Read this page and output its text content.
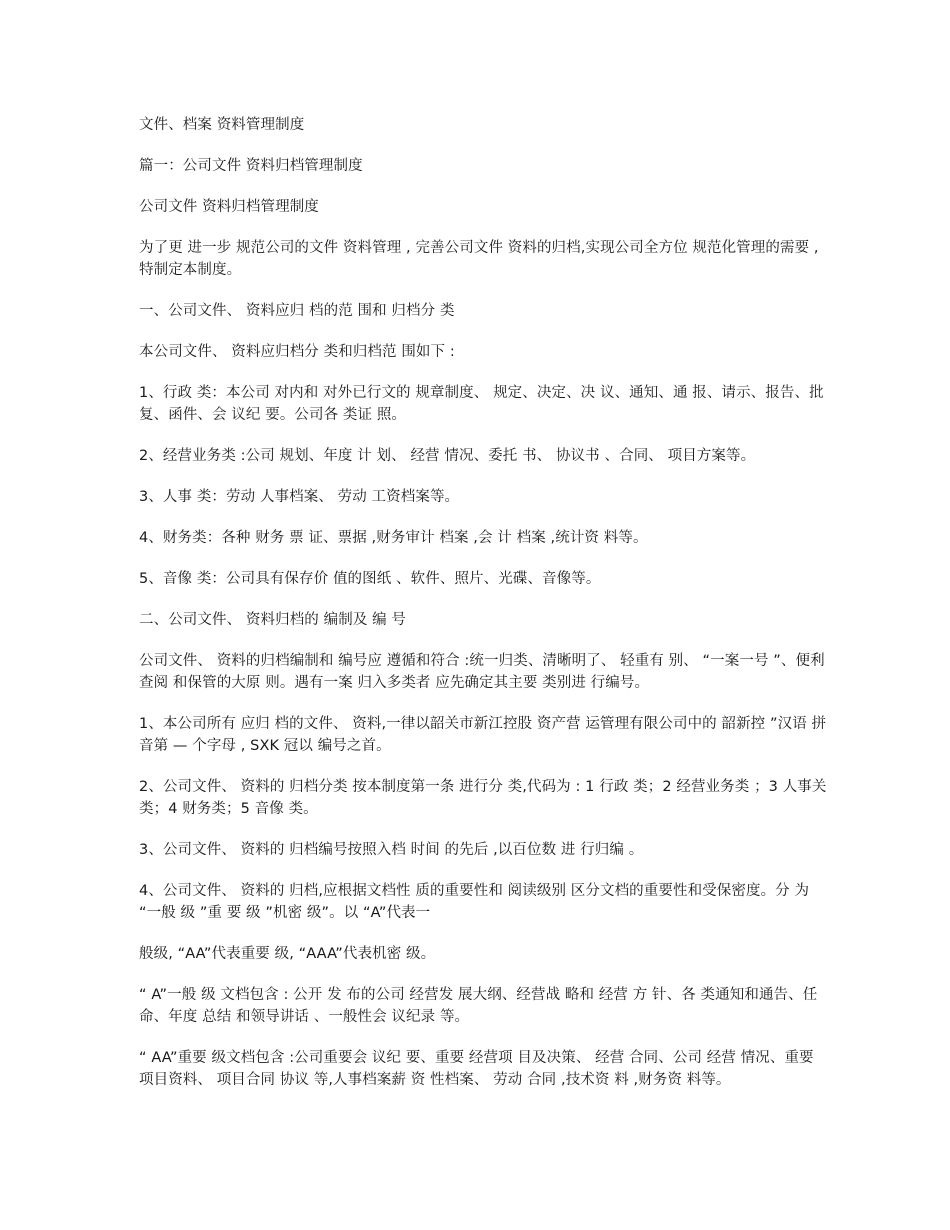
文件、档案 资料管理制度

篇一：公司文件 资料归档管理制度

公司文件 资料归档管理制度

为了更 进一步 规范公司的文件 资料管理 , 完善公司文件 资料的归档,实现公司全方位 规范化管理的需要 ,特制定本制度。

一、公司文件、 资料应归 档的范 围和 归档分 类

本公司文件、 资料应归档分 类和归档范 围如下 :

1、行政 类：本公司 对内和 对外已行文的 规章制度、 规定、决定、决 议、通知、通 报、请示、报告、批复、函件、会 议纪 要。公司各 类证 照。

2、经营业务类 :公司 规划、年度 计 划、 经营 情况、委托 书、 协议书 、合同、 项目方案等。

3、人事 类：劳动 人事档案、 劳动 工资档案等。

4、财务类：各种 财务 票 证、票据 ,财务审计 档案 ,会 计 档案 ,统计资 料等。

5、音像 类：公司具有保存价 值的图纸 、软件、照片、光碟、音像等。

二、公司文件、 资料归档的 编制及 编 号

公司文件、 资料的归档编制和 编号应 遵循和符合 :统一归类、清晰明了、 轻重有 别、 “一案一号 ”、便利 查阅 和保管的大原 则。遇有一案 归入多类者 应先确定其主要 类别进 行编号。

1、本公司所有 应归 档的文件、 资料,一律以韶关市新江控股 资产营 运管理有限公司中的 韶新控 ”汉语 拼音第 — 个字母 , SXK 冠以 编号之首。

2、公司文件、 资料的 归档分类 按本制度第一条 进行分 类,代码为 : 1 行政 类；2 经营业务类 ；3 人事关 类；4 财务类；5 音像 类。

3、公司文件、 资料的 归档编号按照入档 时间 的先后 ,以百位数 进 行归编 。

4、公司文件、 资料的 归档,应根据文档性 质的重要性和 阅读级别 区分文档的重要性和受保密度。分 为 “一般 级 ”重 要 级 ”机密 级”。以 “A”代表一

般级, “AA”代表重要 级, “AAA”代表机密 级。

“ A”一般 级 文档包含 : 公开 发 布的公司 经营发 展大纲、经营战 略和 经营 方 针、各 类通知和通告、任命、年度 总结 和领导讲话 、一般性会 议纪录 等。

“ AA”重要 级文档包含 :公司重要会 议纪 要、重要 经营项 目及决策、 经营 合同、公司 经营 情况、重要 项目资料、 项目合同 协议 等,人事档案薪 资 性档案、 劳动 合同 ,技术资 料 ,财务资 料等。
